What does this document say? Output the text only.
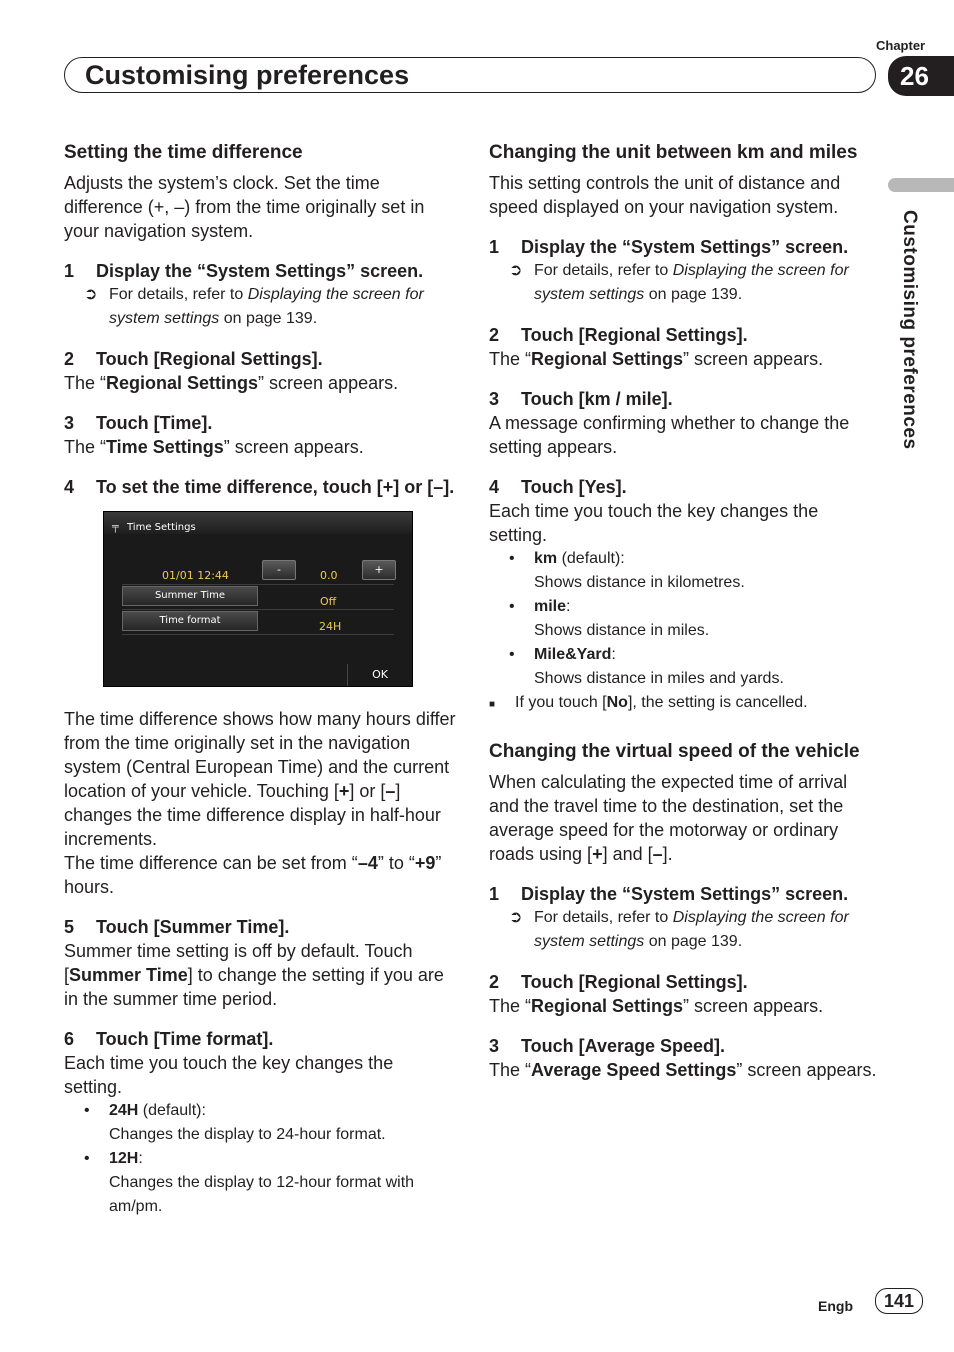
Chapter
26
Customising preferences
Customising preferences
Setting the time difference

Adjusts the system’s clock. Set the time difference (+, –) from the time originally set in your navigation system.

1 Display the “System Settings” screen.

➲ For details, refer to Displaying the screen for system settings on page 139.

2 Touch [Regional Settings].

The “Regional Settings” screen appears.

3 Touch [Time].

The “Time Settings” screen appears.

4 To set the time difference, touch [+] or [–].

╤ Time Settings
01/01 12:44	-	0.0	+
Summer Time	Off
Time format	24H
OK

The time difference shows how many hours differ from the time originally set in the navigation system (Central European Time) and the current location of your vehicle. Touching [+] or [–] changes the time difference display in half-hour increments.

The time difference can be set from “–4” to “+9” hours.

5 Touch [Summer Time].

Summer time setting is off by default. Touch [Summer Time] to change the setting if you are in the summer time period.

6 Touch [Time format].

Each time you touch the key changes the setting.

• 24H (default):

Changes the display to 24-hour format.

• 12H:

Changes the display to 12-hour format with am/pm.

Changing the unit between km and miles

This setting controls the unit of distance and speed displayed on your navigation system.

1 Display the “System Settings” screen.

➲ For details, refer to Displaying the screen for system settings on page 139.

2 Touch [Regional Settings].

The “Regional Settings” screen appears.

3 Touch [km / mile].

A message confirming whether to change the setting appears.

4 Touch [Yes].

Each time you touch the key changes the setting.

• km (default):

Shows distance in kilometres.

• mile:

Shows distance in miles.

• Mile&Yard:

Shows distance in miles and yards.

■ If you touch [No], the setting is cancelled.

Changing the virtual speed of the vehicle

When calculating the expected time of arrival and the travel time to the destination, set the average speed for the motorway or ordinary roads using [+] and [–].

1 Display the “System Settings” screen.

➲ For details, refer to Displaying the screen for system settings on page 139.

2 Touch [Regional Settings].

The “Regional Settings” screen appears.

3 Touch [Average Speed].

The “Average Speed Settings” screen appears.

Engb	141
